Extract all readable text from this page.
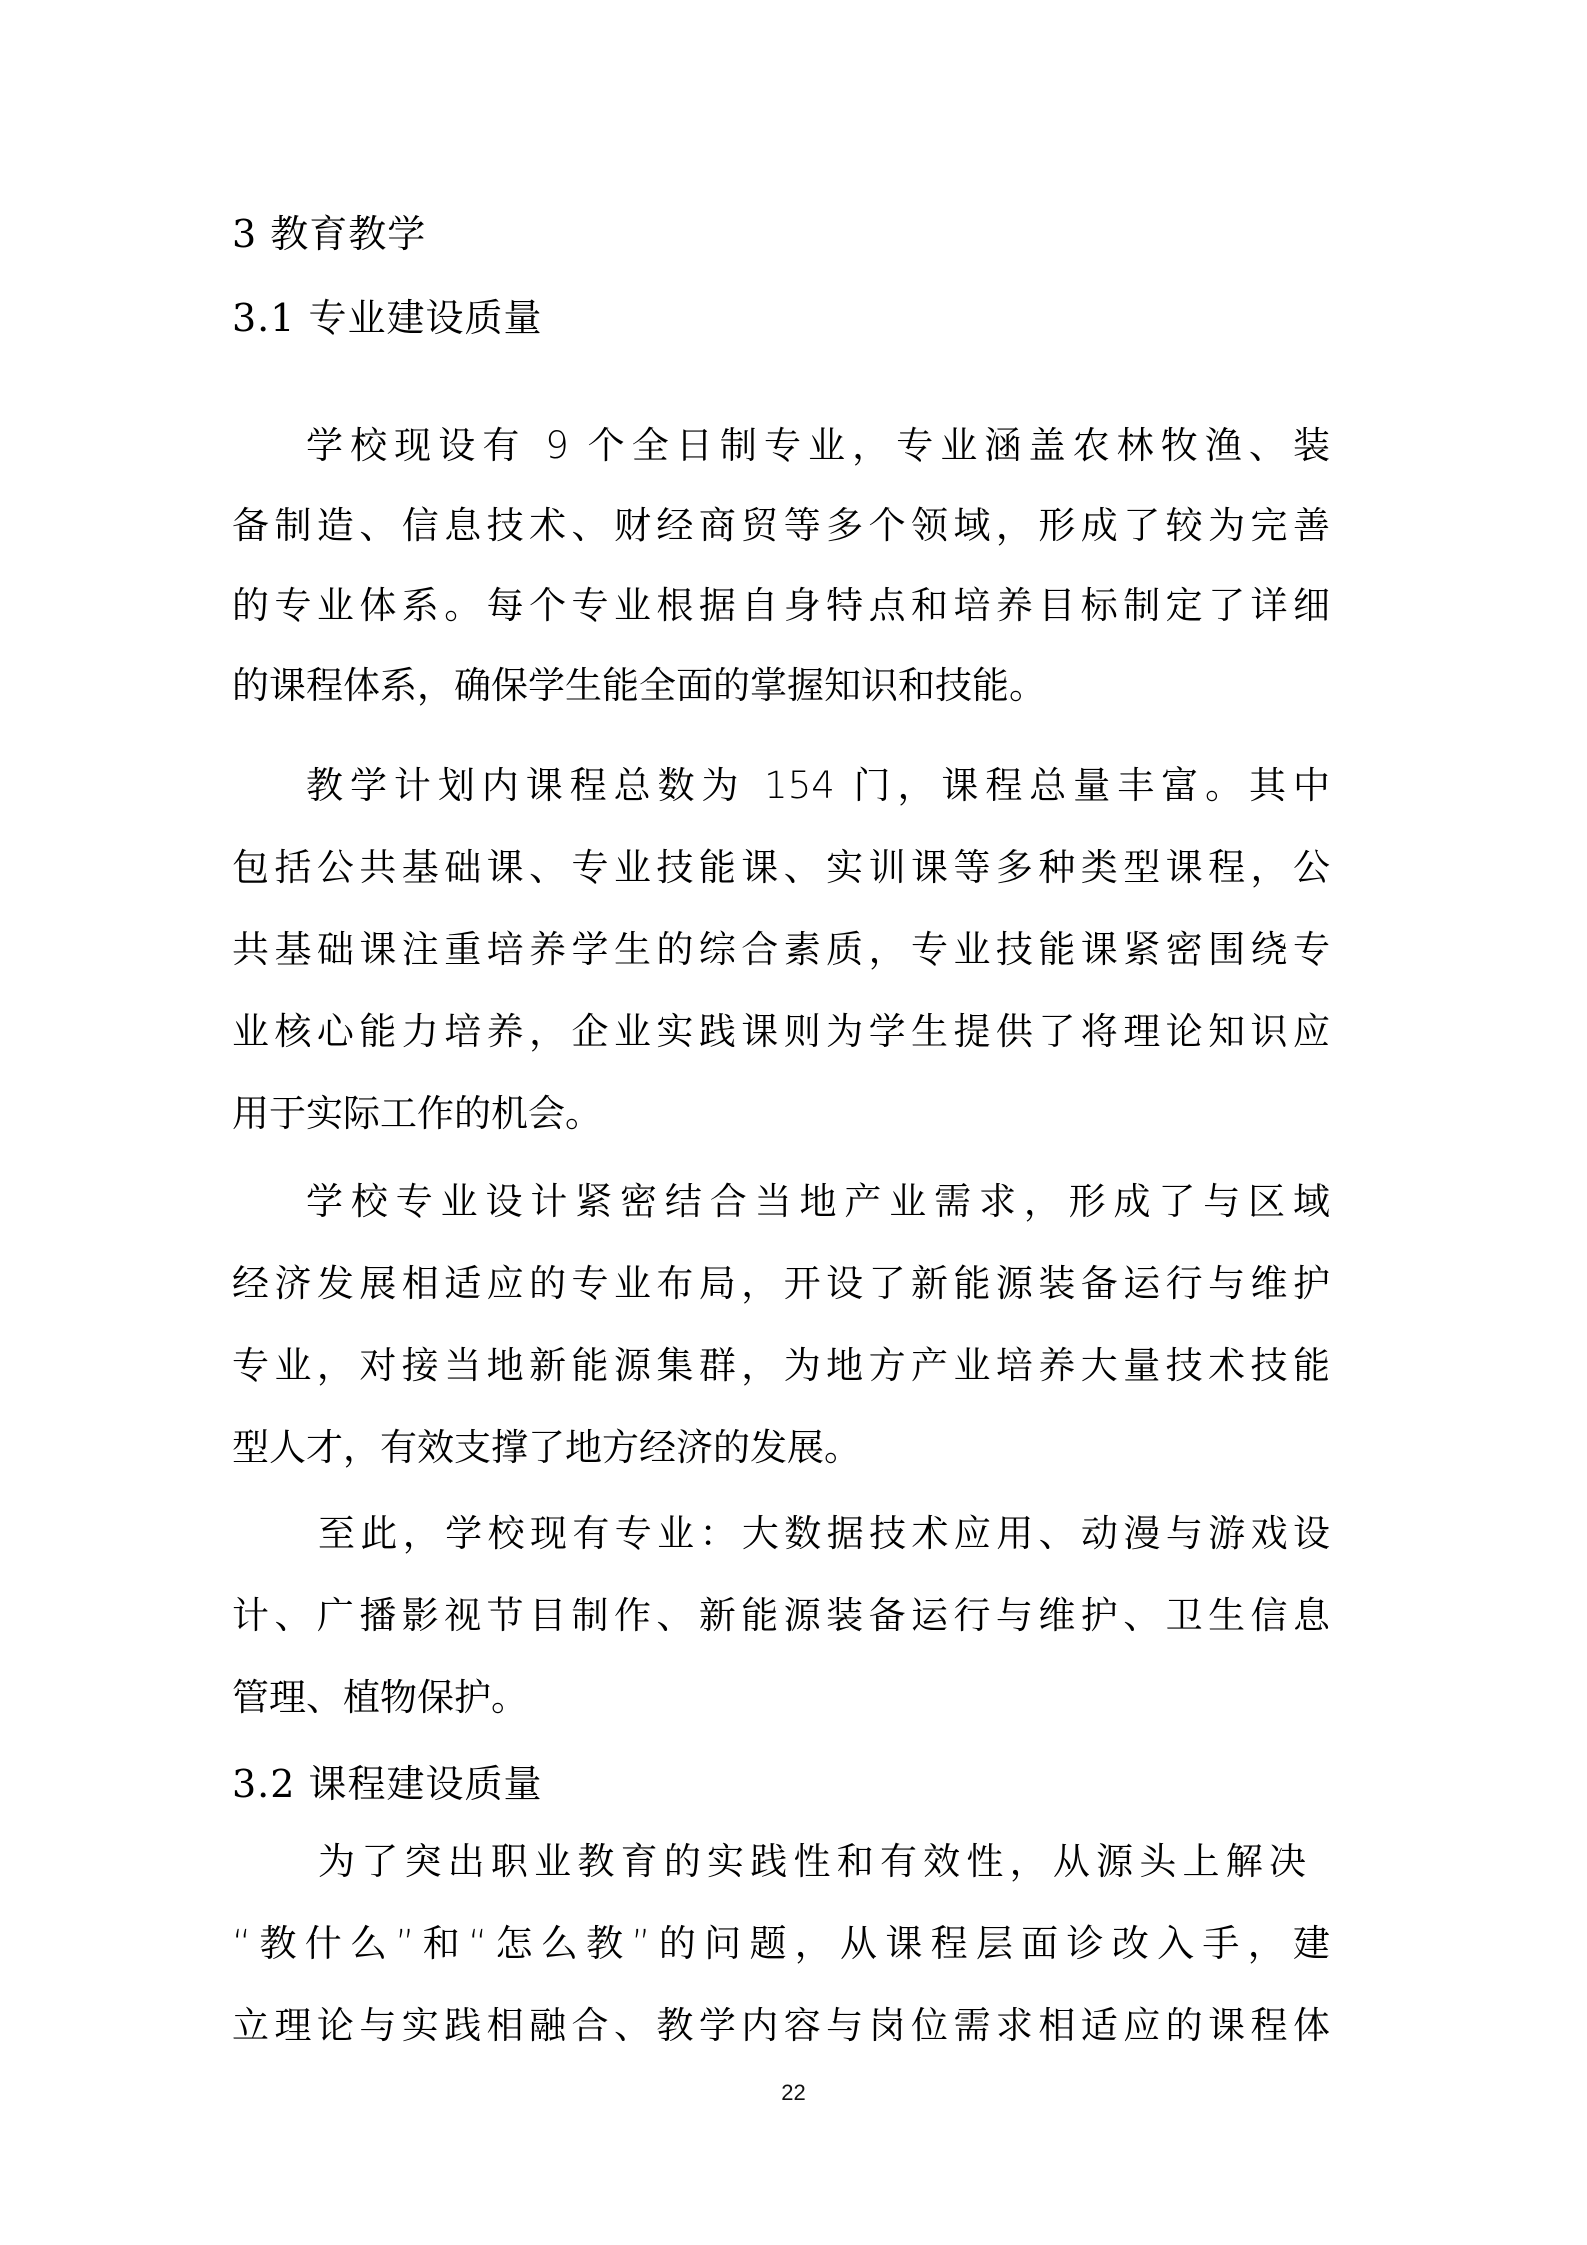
3 教育教学
3.1 专业建设质量
学校现设有 9 个全日制专业，专业涵盖农林牧渔、装
备制造、信息技术、财经商贸等多个领域，形成了较为完善
的专业体系。每个专业根据自身特点和培养目标制定了详细
的课程体系，确保学生能全面的掌握知识和技能。
教学计划内课程总数为 154 门，课程总量丰富。其中
包括公共基础课、专业技能课、实训课等多种类型课程，公
共基础课注重培养学生的综合素质，专业技能课紧密围绕专
业核心能力培养，企业实践课则为学生提供了将理论知识应
用于实际工作的机会。
学校专业设计紧密结合当地产业需求，形成了与区域
经济发展相适应的专业布局，开设了新能源装备运行与维护
专业，对接当地新能源集群，为地方产业培养大量技术技能
型人才，有效支撑了地方经济的发展。
至此，学校现有专业：大数据技术应用、动漫与游戏设
计、广播影视节目制作、新能源装备运行与维护、卫生信息
管理、植物保护。
3.2 课程建设质量
为了突出职业教育的实践性和有效性，从源头上解决
“教什么”和“怎么教”的问题，从课程层面诊改入手，建
立理论与实践相融合、教学内容与岗位需求相适应的课程体
22
